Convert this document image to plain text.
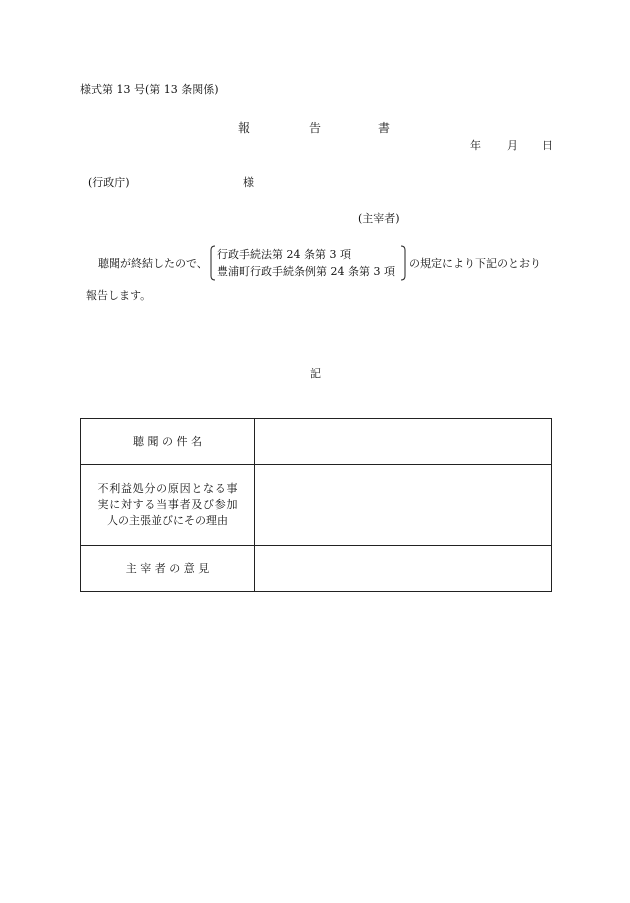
様式第 13 号(第 13 条関係)
報	告	書
年 月 日
(行政庁)	様
(主宰者)
聴聞が終結したので、
行政手続法第 24 条第 3 項
豊浦町行政手続条例第 24 条第 3 項
の規定により下記のとおり
報告します。
記
聴 聞 の 件 名	

不利益処分の原因となる事実に対する当事者及び参加人の主張並びにその理由	

主 宰 者 の 意 見	
